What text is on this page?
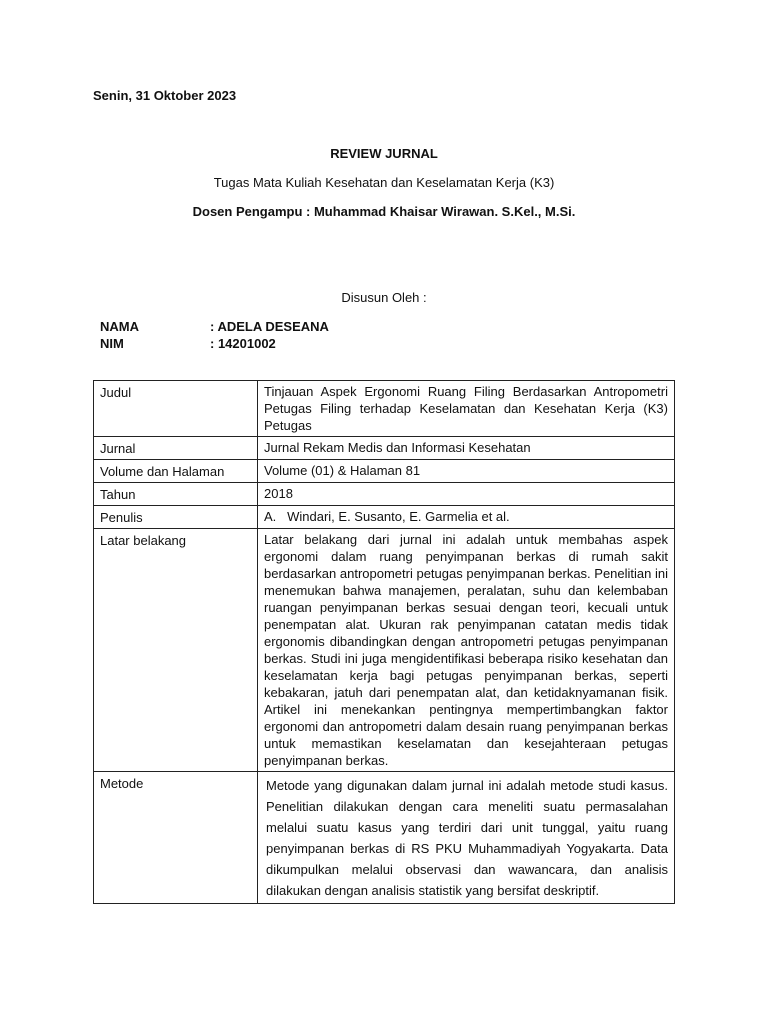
Senin, 31 Oktober 2023
REVIEW JURNAL
Tugas Mata Kuliah Kesehatan dan Keselamatan Kerja (K3)
Dosen Pengampu : Muhammad Khaisar Wirawan. S.Kel., M.Si.
Disusun Oleh :
NAMA	: ADELA DESEANA
NIM	: 14201002
Judul	Tinjauan Aspek Ergonomi Ruang Filing Berdasarkan Antropometri Petugas Filing terhadap Keselamatan dan Kesehatan Kerja (K3) Petugas
Jurnal	Jurnal Rekam Medis dan Informasi Kesehatan
Volume dan Halaman	Volume (01) & Halaman 81
Tahun	2018
Penulis	A.   Windari, E. Susanto, E. Garmelia et al.
Latar belakang	Latar belakang dari jurnal ini adalah untuk membahas aspek ergonomi dalam ruang penyimpanan berkas di rumah sakit berdasarkan antropometri petugas penyimpanan berkas. Penelitian ini menemukan bahwa manajemen, peralatan, suhu dan kelembaban ruangan penyimpanan berkas sesuai dengan teori, kecuali untuk penempatan alat. Ukuran rak penyimpanan catatan medis tidak ergonomis dibandingkan dengan antropometri petugas penyimpanan berkas. Studi ini juga mengidentifikasi beberapa risiko kesehatan dan keselamatan kerja bagi petugas penyimpanan berkas, seperti kebakaran, jatuh dari penempatan alat, dan ketidaknyamanan fisik. Artikel ini menekankan pentingnya mempertimbangkan faktor ergonomi dan antropometri dalam desain ruang penyimpanan berkas untuk memastikan keselamatan dan kesejahteraan petugas penyimpanan berkas.
Metode	Metode yang digunakan dalam jurnal ini adalah metode studi kasus. Penelitian dilakukan dengan cara meneliti suatu permasalahan melalui suatu kasus yang terdiri dari unit tunggal, yaitu ruang penyimpanan berkas di RS PKU Muhammadiyah Yogyakarta. Data dikumpulkan melalui observasi dan wawancara, dan analisis dilakukan dengan analisis statistik yang bersifat deskriptif.
